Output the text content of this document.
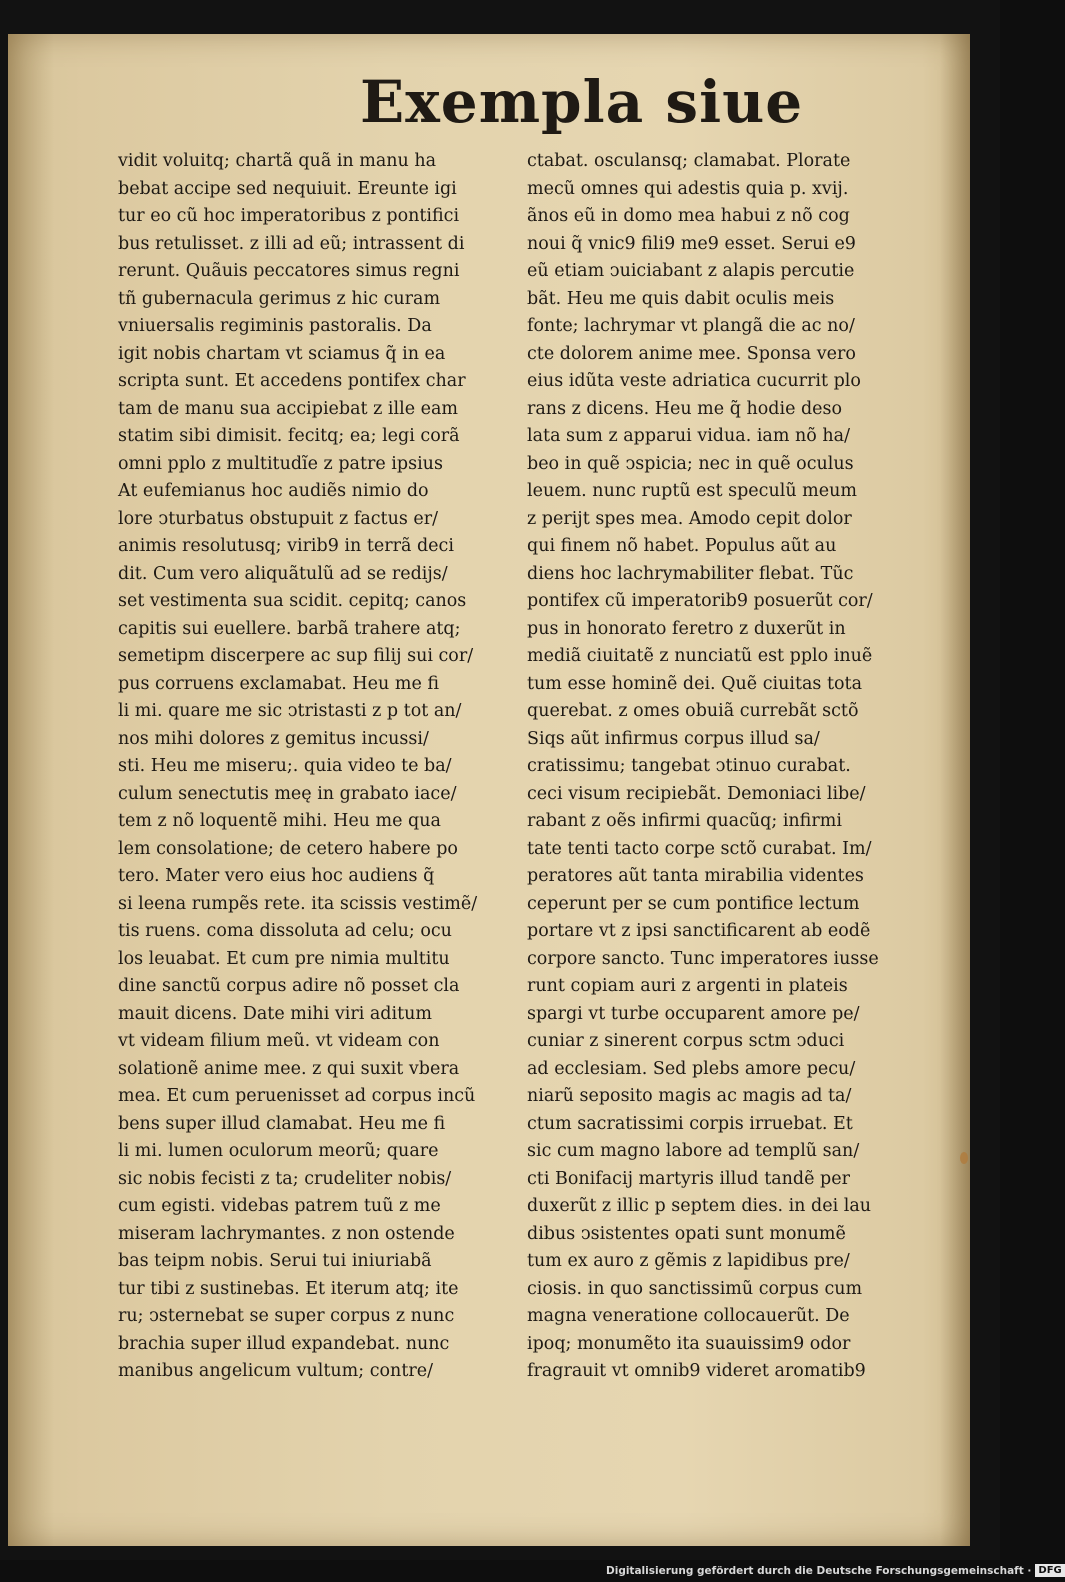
Exempla siue
vidit voluitq; chartã quã in manu ha
bebat accipe sed nequiuit. Ereunte igi
tur eo cũ hoc imperatoribus z pontifici
bus retulisset. z illi ad eũ; intrassent di
rerunt. Quãuis peccatores simus regni
tñ gubernacula gerimus z hic curam
vniuersalis regiminis pastoralis. Da
igit nobis chartam vt sciamus q̃ in ea
scripta sunt. Et accedens pontifex char
tam de manu sua accipiebat z ille eam
statim sibi dimisit. fecitq; ea; legi corã
omni pplo z multitudĩe z patre ipsius
At eufemianus hoc audiẽs nimio do
lore ↄturbatus obstupuit z factus er/
animis resolutusq; virib9 in terrã deci
dit. Cum vero aliquãtulũ ad se redijs/
set vestimenta sua scidit. cepitq; canos
capitis sui euellere. barbã trahere atq;
semetipm discerpere ac sup filij sui cor/
pus corruens exclamabat. Heu me fi
li mi. quare me sic ↄtristasti z p tot an/
nos mihi dolores z gemitus incussi/
sti. Heu me miseru;. quia video te ba/
culum senectutis meę in grabato iace/
tem z nõ loquentẽ mihi. Heu me qua
lem consolatione; de cetero habere po
tero. Mater vero eius hoc audiens q̃
si leena rumpẽs rete. ita scissis vestimẽ/
tis ruens. coma dissoluta ad celu; ocu
los leuabat. Et cum pre nimia multitu
dine sanctũ corpus adire nõ posset cla
mauit dicens. Date mihi viri aditum
vt videam filium meũ. vt videam con
solationẽ anime mee. z qui suxit vbera
mea. Et cum peruenisset ad corpus incũ
bens super illud clamabat. Heu me fi
li mi. lumen oculorum meorũ; quare
sic nobis fecisti z ta; crudeliter nobis/
cum egisti. videbas patrem tuũ z me
miseram lachrymantes. z non ostende
bas teipm nobis. Serui tui iniuriabã
tur tibi z sustinebas. Et iterum atq; ite
ru; ↄsternebat se super corpus z nunc
brachia super illud expandebat. nunc
manibus angelicum vultum; contre/
ctabat. osculansq; clamabat. Plorate
mecũ omnes qui adestis quia p. xvij.
ãnos eũ in domo mea habui z nõ cog
noui q̃ vnic9 fili9 me9 esset. Serui e9
eũ etiam ↄuiciabant z alapis percutie
bãt. Heu me quis dabit oculis meis
fonte; lachrymar vt plangã die ac no/
cte dolorem anime mee. Sponsa vero
eius idũta veste adriatica cucurrit plo
rans z dicens. Heu me q̃ hodie deso
lata sum z apparui vidua. iam nõ ha/
beo in quẽ ↄspicia; nec in quẽ oculus
leuem. nunc ruptũ est speculũ meum
z perijt spes mea. Amodo cepit dolor
qui finem nõ habet. Populus aũt au
diens hoc lachrymabiliter flebat. Tũc
pontifex cũ imperatorib9 posuerũt cor/
pus in honorato feretro z duxerũt in
mediã ciuitatẽ z nunciatũ est pplo inuẽ
tum esse hominẽ dei. Quẽ ciuitas tota
querebat. z omes obuiã currebãt sctõ
Siqs aũt infirmus corpus illud sa/
cratissimu; tangebat ↄtinuo curabat.
ceci visum recipiebãt. Demoniaci libe/
rabant z oẽs infirmi quacũq; infirmi
tate tenti tacto corpe sctõ curabat. Im/
peratores aũt tanta mirabilia videntes
ceperunt per se cum pontifice lectum
portare vt z ipsi sanctificarent ab eodẽ
corpore sancto. Tunc imperatores iusse
runt copiam auri z argenti in plateis
spargi vt turbe occuparent amore pe/
cuniar z sinerent corpus sctm ↄduci
ad ecclesiam. Sed plebs amore pecu/
niarũ seposito magis ac magis ad ta/
ctum sacratissimi corpis irruebat. Et
sic cum magno labore ad templũ san/
cti Bonifacij martyris illud tandẽ per
duxerũt z illic p septem dies. in dei lau
dibus ↄsistentes opati sunt monumẽ
tum ex auro z gẽmis z lapidibus pre/
ciosis. in quo sanctissimũ corpus cum
magna veneratione collocauerũt. De
ipoq; monumẽto ita suauissim9 odor
fragrauit vt omnib9 videret aromatib9
Digitalisierung gefördert durch die Deutsche Forschungsgemeinschaft · DFG
